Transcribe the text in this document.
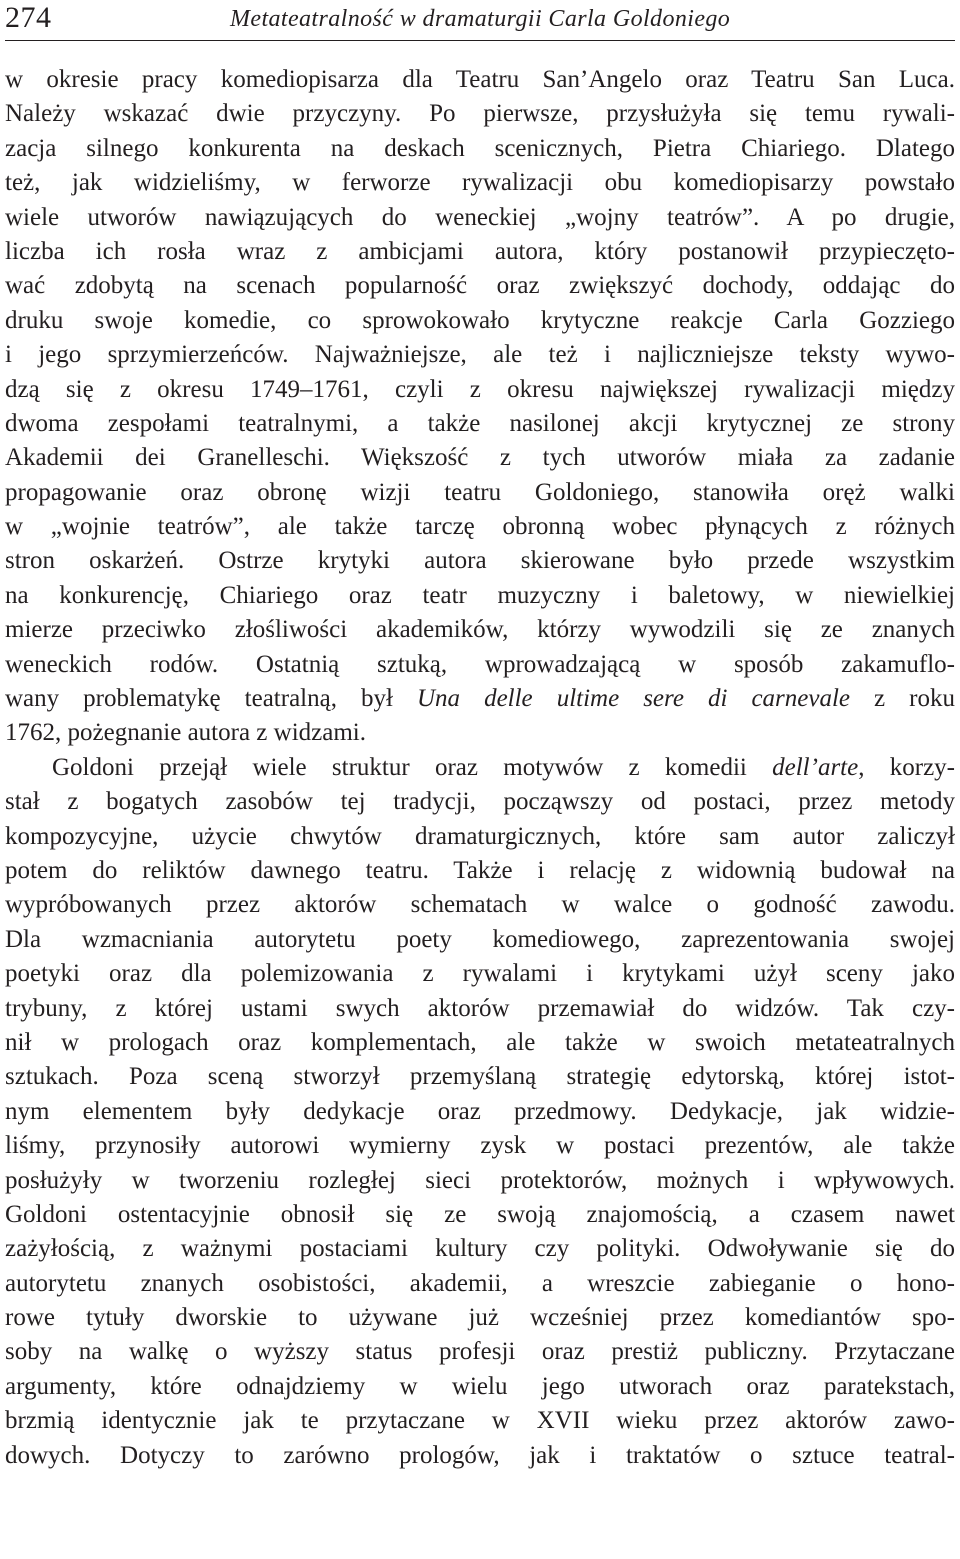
274	Metateatralność w dramaturgii Carla Goldoniego
w okresie pracy komediopisarza dla Teatru San’Angelo oraz Teatru San Luca.
Należy wskazać dwie przyczyny. Po pierwsze, przysłużyła się temu rywali-
zacja silnego konkurenta na deskach scenicznych, Pietra Chiariego. Dlatego
też, jak widzieliśmy, w ferworze rywalizacji obu komediopisarzy powstało
wiele utworów nawiązujących do weneckiej „wojny teatrów”. A po drugie,
liczba ich rosła wraz z ambicjami autora, który postanowił przypieczęto-
wać zdobytą na scenach popularność oraz zwiększyć dochody, oddając do
druku swoje komedie, co sprowokowało krytyczne reakcje Carla Gozziego
i jego sprzymierzeńców. Najważniejsze, ale też i najliczniejsze teksty wywo-
dzą się z okresu 1749–1761, czyli z okresu największej rywalizacji między
dwoma zespołami teatralnymi, a także nasilonej akcji krytycznej ze strony
Akademii dei Granelleschi. Większość z tych utworów miała za zadanie
propagowanie oraz obronę wizji teatru Goldoniego, stanowiła oręż walki
w „wojnie teatrów”, ale także tarczę obronną wobec płynących z różnych
stron oskarżeń. Ostrze krytyki autora skierowane było przede wszystkim
na konkurencję, Chiariego oraz teatr muzyczny i baletowy, w niewielkiej
mierze przeciwko złośliwości akademików, którzy wywodzili się ze znanych
weneckich rodów. Ostatnią sztuką, wprowadzającą w sposób zakamuflo-
wany problematykę teatralną, był Una delle ultime sere di carnevale z roku
1762, pożegnanie autora z widzami.
Goldoni przejął wiele struktur oraz motywów z komedii dell’arte, korzy-
stał z bogatych zasobów tej tradycji, począwszy od postaci, przez metody
kompozycyjne, użycie chwytów dramaturgicznych, które sam autor zaliczył
potem do reliktów dawnego teatru. Także i relację z widownią budował na
wypróbowanych przez aktorów schematach w walce o godność zawodu.
Dla wzmacniania autorytetu poety komediowego, zaprezentowania swojej
poetyki oraz dla polemizowania z rywalami i krytykami użył sceny jako
trybuny, z której ustami swych aktorów przemawiał do widzów. Tak czy-
nił w prologach oraz komplementach, ale także w swoich metateatralnych
sztukach. Poza sceną stworzył przemyślaną strategię edytorską, której istot-
nym elementem były dedykacje oraz przedmowy. Dedykacje, jak widzie-
liśmy, przynosiły autorowi wymierny zysk w postaci prezentów, ale także
posłużyły w tworzeniu rozległej sieci protektorów, możnych i wpływowych.
Goldoni ostentacyjnie obnosił się ze swoją znajomością, a czasem nawet
zażyłością, z ważnymi postaciami kultury czy polityki. Odwoływanie się do
autorytetu znanych osobistości, akademii, a wreszcie zabieganie o hono-
rowe tytuły dworskie to używane już wcześniej przez komediantów spo-
soby na walkę o wyższy status profesji oraz prestiż publiczny. Przytaczane
argumenty, które odnajdziemy w wielu jego utworach oraz paratekstach,
brzmią identycznie jak te przytaczane w XVII wieku przez aktorów zawo-
dowych. Dotyczy to zarówno prologów, jak i traktatów o sztuce teatral-
